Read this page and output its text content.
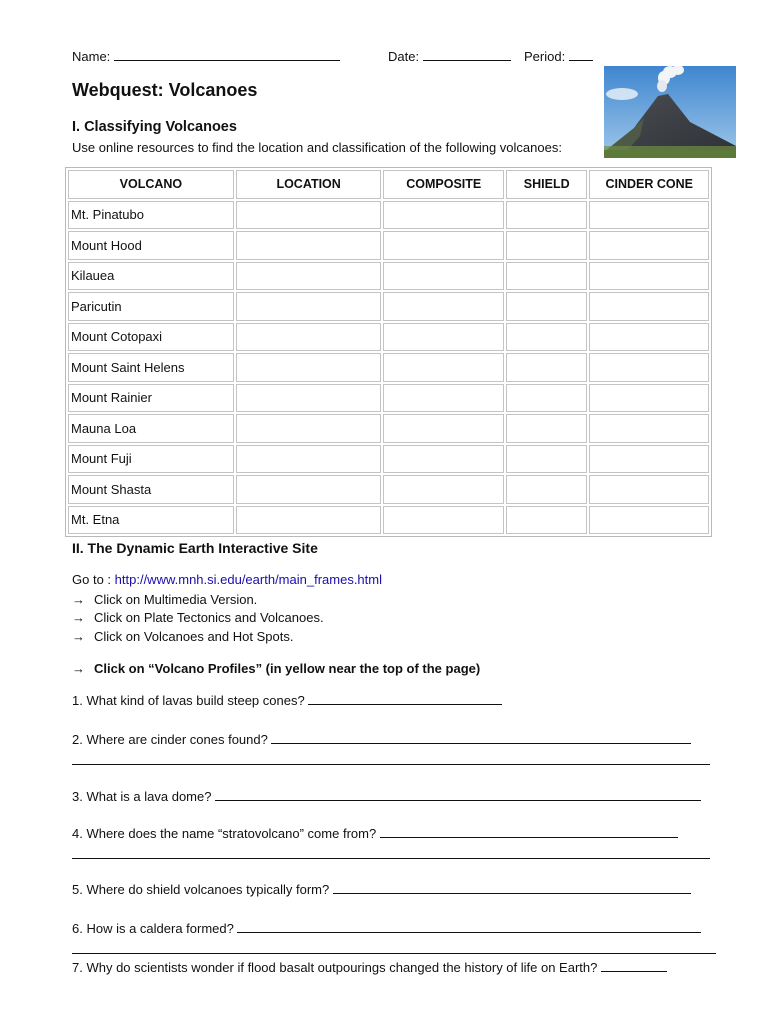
Name:	Date:	Period:
Webquest: Volcanoes
I. Classifying Volcanoes
Use online resources to find the location and classification of the following volcanoes:
VOLCANO	LOCATION	COMPOSITE	SHIELD	CINDER CONE
Mt. Pinatubo				
Mount Hood				
Kilauea				
Paricutin				
Mount Cotopaxi				
Mount Saint Helens				
Mount Rainier				
Mauna Loa				
Mount Fuji				
Mount Shasta				
Mt. Etna				
II. The Dynamic Earth Interactive Site
Go to : http://www.mnh.si.edu/earth/main_frames.html
→ Click on Multimedia Version.
→ Click on Plate Tectonics and Volcanoes.
→ Click on Volcanoes and Hot Spots.
→ Click on “Volcano Profiles” (in yellow near the top of the page)
1. What kind of lavas build steep cones?
2. Where are cinder cones found?
3. What is a lava dome?
4. Where does the name “stratovolcano” come from?
5. Where do shield volcanoes typically form?
6. How is a caldera formed?
7. Why do scientists wonder if flood basalt outpourings changed the history of life on Earth?
